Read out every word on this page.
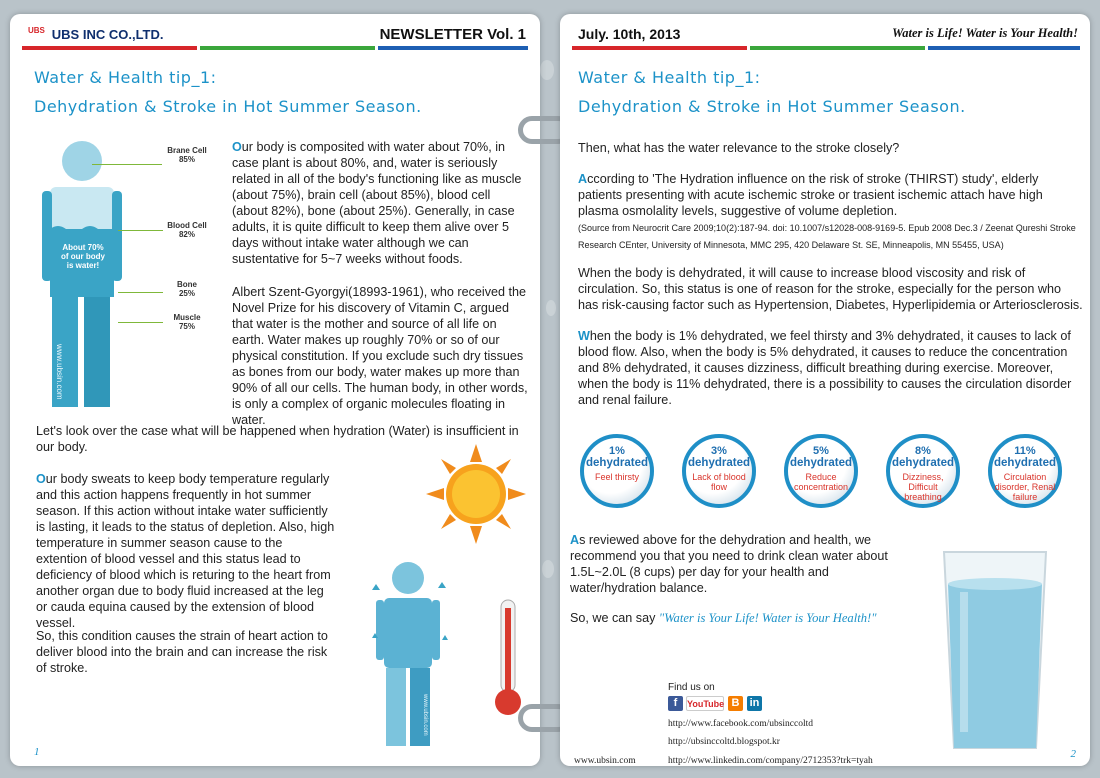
$^{UBS}$ UBS INC CO.,LTD.	NEWSLETTER Vol. 1
Water & Health tip_1:
Dehydration & Stroke in Hot Summer Season.
About 70% of our body is water!
www.ubsin.com
Brane Cell
85%
Blood Cell
82%
Bone
25%
Muscle
75%

Our body is composited with water about 70%, in case plant is about 80%, and, water is seriously related in all of the body's functioning like as muscle (about 75%), brain cell (about 85%), blood cell (about 82%), bone (about 25%). Generally, in case adults, it is quite difficult to keep them alive over 5 days without intake water although we can sustentative for 5~7 weeks without foods.

Albert Szent-Gyorgyi(18993-1961), who received the Novel Prize for his discovery of Vitamin C, argued that water is the mother and source of all life on earth. Water makes up roughly 70% or so of our physical constitution. If you exclude such dry tissues as bones from our body, water makes up more than 90% of all our cells. The human body, in other words, is only a complex of organic molecules floating in water.

Let's look over the case what will be happened when hydration (Water) is insufficient in our body.

Our body sweats to keep body temperature regularly and this action happens frequently in hot summer season. If this action without intake water sufficiently is lasting, it leads to the status of depletion. Also, high temperature in summer season cause to the extention of blood vessel and this status lead to deficiency of blood which is returing to the heart from another organ due to body fluid increased at the leg or cauda equina caused by the extension of blood vessel.

So, this condition causes the strain of heart action to deliver blood into the brain and can increase the risk of stroke.

www.ubsin.com
1
July. 10th, 2013	Water is Life! Water is Your Health!
Water & Health tip_1:
Dehydration & Stroke in Hot Summer Season.

Then, what has the water relevance to the stroke closely?

According to 'The Hydration influence on the risk of stroke (THIRST) study', elderly patients presenting with acute ischemic stroke or trasient ischemic attach have high plasma osmolality levels, suggestive of volume depletion.
(Source from Neurocrit Care 2009;10(2):187-94. doi: 10.1007/s12028-008-9169-5. Epub 2008 Dec.3 / Zeenat Qureshi Stroke Research CEnter, University of Minnesota, MMC 295, 420 Delaware St. SE, Minneapolis, MN 55455, USA)

When the body is dehydrated, it will cause to increase blood viscosity and risk of circulation. So, this status is one of reason for the stroke, especially for the person who has risk-causing factor such as Hypertension, Diabetes, Hyperlipidemia or Arteriosclerosis.

When the body is 1% dehydrated, we feel thirsty and 3% dehydrated, it causes to lack of blood flow. Also, when the body is 5% dehydrated, it causes to reduce the concentration and 8% dehydrated, it causes dizziness, difficult breathing during exercise. Moreover, when the body is 11% dehydrated, there is a possibility to causes the circulation disorder and renal failure.

1%
dehydrated
Feel thirsty
3%
dehydrated
Lack of blood flow
5%
dehydrated
Reduce concentration
8%
dehydrated
Dizziness, Difficult breathing
11%
dehydrated
Circulation disorder, Renal failure

As reviewed above for the dehydration and health, we recommend you that you need to drink clean water about 1.5L~2.0L (8 cups) per day for your health and water/hydration balance.

So, we can say "Water is Your Life! Water is Your Health!"

Find us on
f	YouTube B in
www.ubsin.com
http://www.facebook.com/ubsinccoltd
http://ubsinccoltd.blogspot.kr
http://www.linkedin.com/company/2712353?trk=tyah
2
